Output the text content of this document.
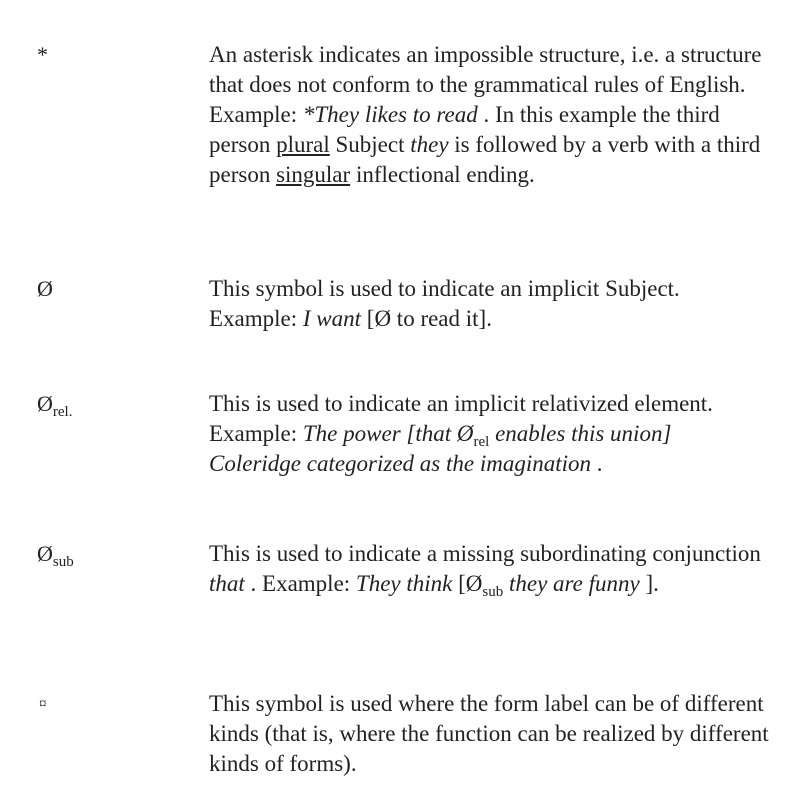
*	An asterisk indicates an impossible structure, i.e. a structure that does not conform to the grammatical rules of English. Example: *They likes to read . In this example the third person plural Subject they is followed by a verb with a third person singular inflectional ending.

Ø	This symbol is used to indicate an implicit Subject. Example: I want [Ø to read it].

$Ø_{rel.}$	This is used to indicate an implicit relativized element. Example: The power [that $Ø_{rel}$ enables this union] Coleridge categorized as the imagination .

$Ø_{sub}$	This is used to indicate a missing subordinating conjunction that . Example: They think [$Ø_{sub}$ they are funny ].

¤	This symbol is used where the form label can be of different kinds (that is, where the function can be realized by different kinds of forms).
